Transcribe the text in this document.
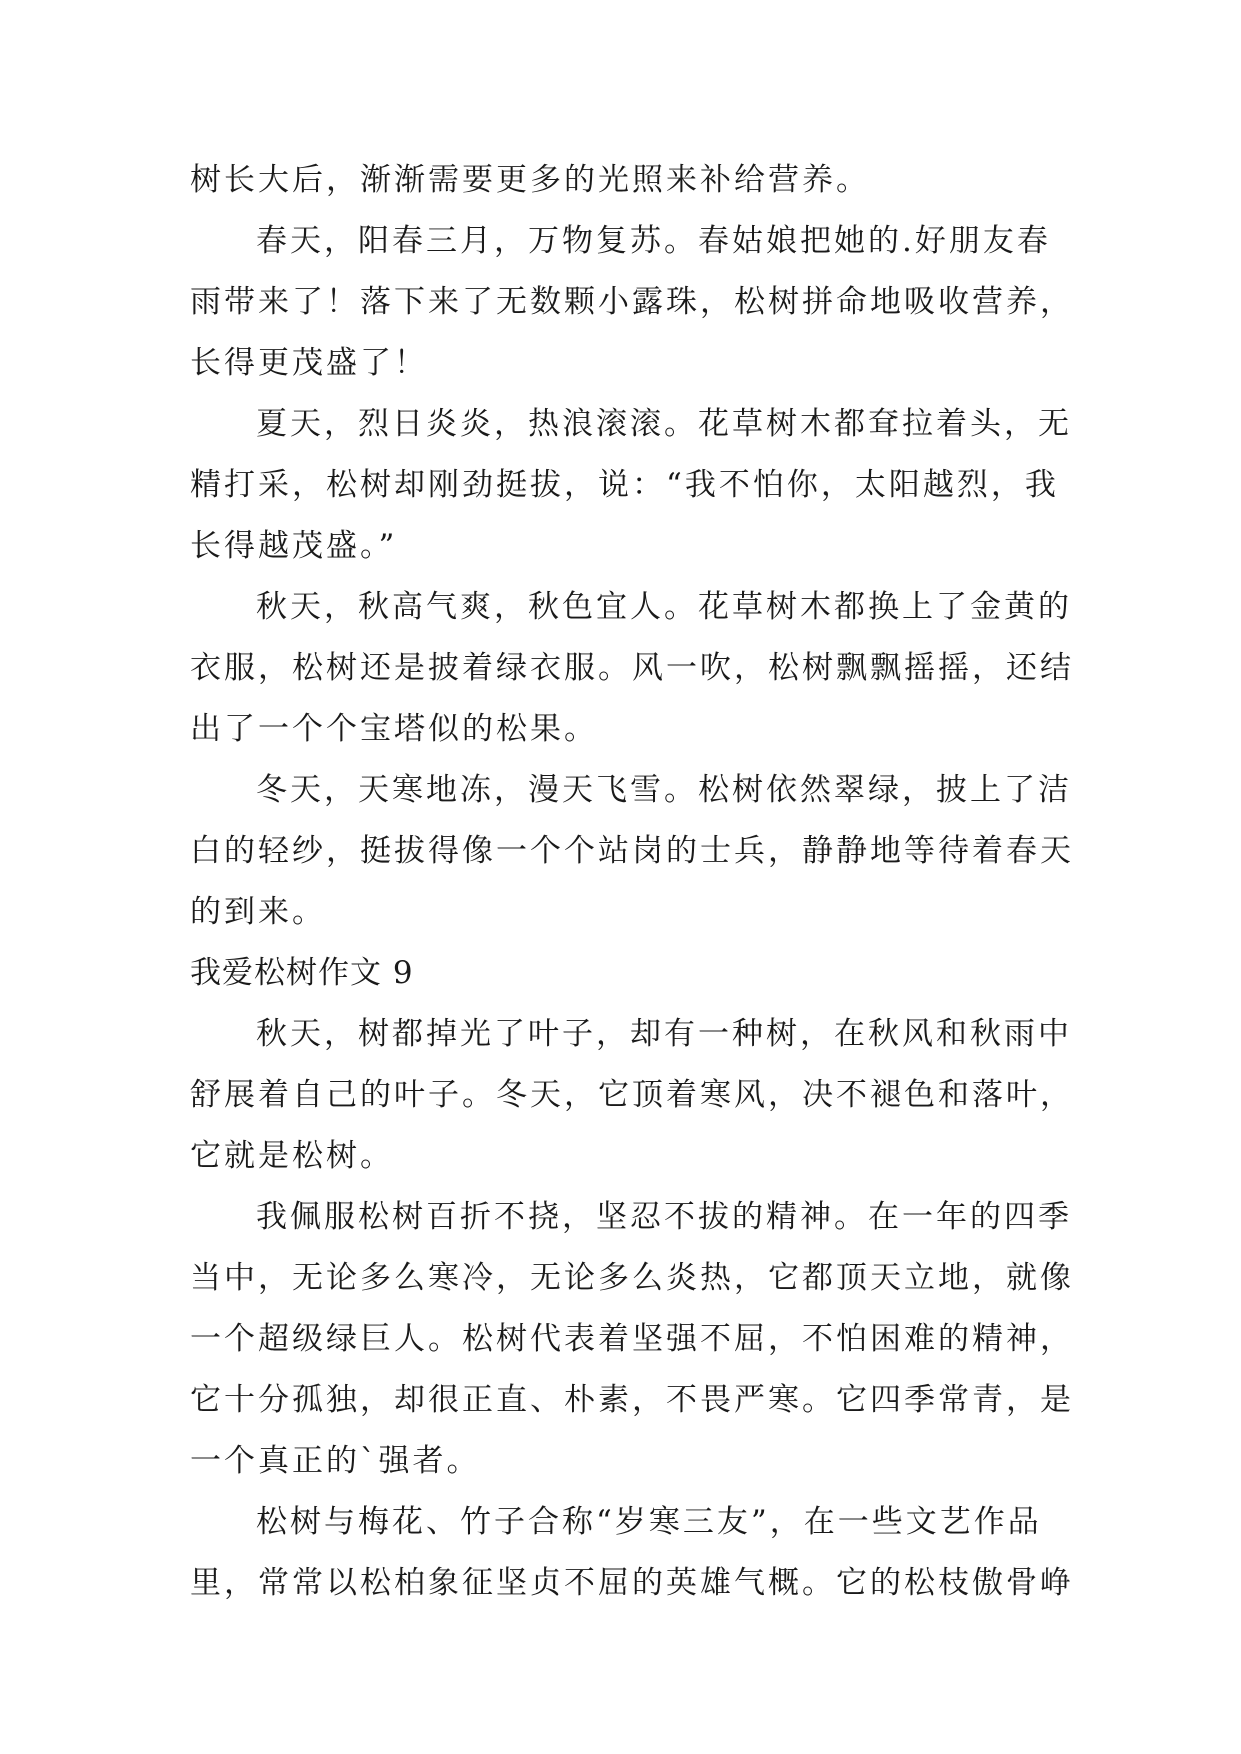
树长大后，渐渐需要更多的光照来补给营养。
春天，阳春三月，万物复苏。春姑娘把她的.好朋友春
雨带来了！落下来了无数颗小露珠，松树拼命地吸收营养，
长得更茂盛了！
夏天，烈日炎炎，热浪滚滚。花草树木都耷拉着头，无
精打采，松树却刚劲挺拔，说：“我不怕你，太阳越烈，我
长得越茂盛。”
秋天，秋高气爽，秋色宜人。花草树木都换上了金黄的
衣服，松树还是披着绿衣服。风一吹，松树飘飘摇摇，还结
出了一个个宝塔似的松果。
冬天，天寒地冻，漫天飞雪。松树依然翠绿，披上了洁
白的轻纱，挺拔得像一个个站岗的士兵，静静地等待着春天
的到来。
我爱松树作文 9
秋天，树都掉光了叶子，却有一种树，在秋风和秋雨中
舒展着自己的叶子。冬天，它顶着寒风，决不褪色和落叶，
它就是松树。
我佩服松树百折不挠，坚忍不拔的精神。在一年的四季
当中，无论多么寒冷，无论多么炎热，它都顶天立地，就像
一个超级绿巨人。松树代表着坚强不屈，不怕困难的精神，
它十分孤独，却很正直、朴素，不畏严寒。它四季常青，是
一个真正的`强者。
松树与梅花、竹子合称“岁寒三友”，在一些文艺作品
里，常常以松柏象征坚贞不屈的英雄气概。它的松枝傲骨峥
